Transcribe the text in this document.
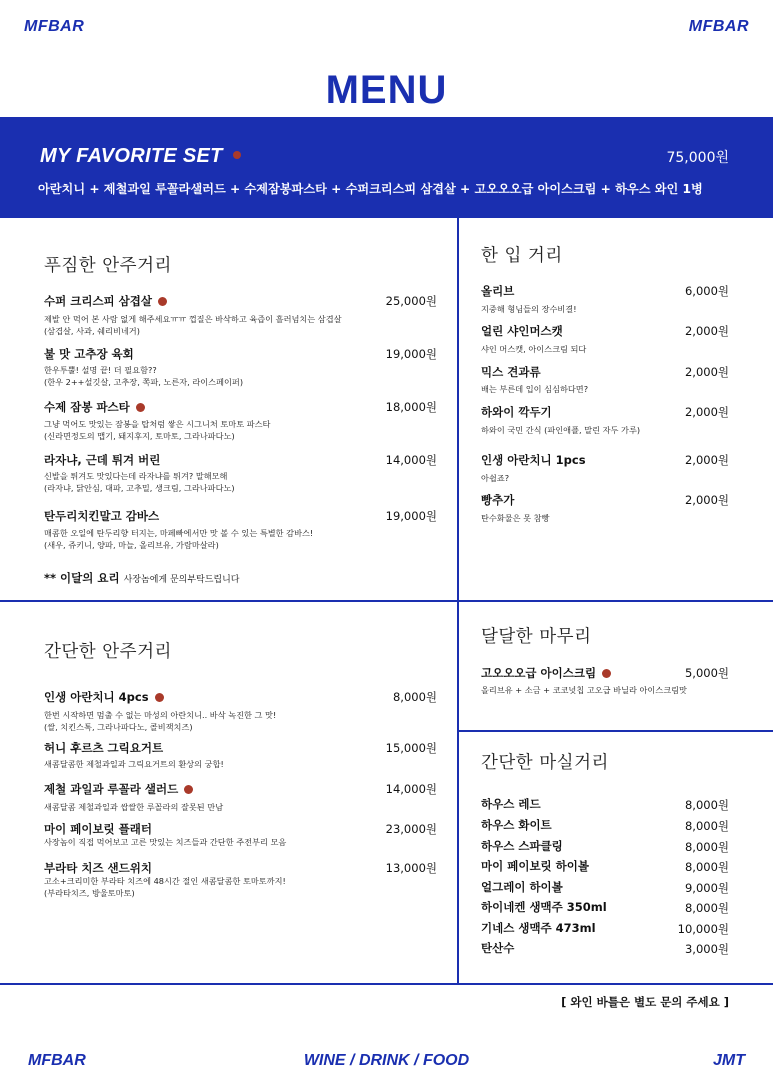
MFBAR	MFBAR
MENU
MY FAVORITE SET	75,000원
아란치니 + 제철과일 루꼴라샐러드 + 수제잠봉파스타 + 수퍼크리스피 삼겹살 + 고오오오급 아이스크림 + 하우스 와인 1병
푸짐한 안주거리
수퍼 크리스피 삼겹살	25,000원
제발 안 먹어 본 사람 없게 해주세요ㅠㅠ 껍질은 바삭하고 육즙이 흘러넘치는 삼겹살
(삼겹살, 사과, 쉐리비네거)
불 맛 고추장 육회	19,000원
한우투뿔! 설명 끝! 더 필요함??
(한우 2++설깃살, 고추장, 쪽파, 노른자, 라이스페이퍼)
수제 잠봉 파스타	18,000원
그냥 먹어도 맛있는 잠봉을 탑처럼 쌓은 시그니처 토마토 파스타
(신라면정도의 맵기, 돼지후지, 토마토, 그라나파다노)
라자냐, 근데 튀겨 버린	14,000원
신발을 튀겨도 맛있다는데 라자냐를 튀겨? 말해모해
(라자냐, 닭안심, 대파, 고추밀, 생크림, 그라나파다노)
탄두리치킨말고 감바스	19,000원
매콤한 오일에 탄두리향 터지는, 마페빠에서만 맛 볼 수 있는 특별한 감바스!
(새우, 쥬키니, 양파, 마늘, 올리브유, 가람마살라)
** 이달의 요리 사장놈에게 문의부탁드립니다
한 입 거리
올리브	6,000원
지중해 형님들의 장수비결!
얼린 샤인머스캣	2,000원
샤인 머스캣, 아이스크림 되다
믹스 견과류	2,000원
배는 부른데 입이 심심하다면?
하와이 깍두기	2,000원
하와이 국민 간식 (파인애플, 말린 자두 가루)
인생 아란치니 1pcs	2,000원
아쉽죠?
빵추가	2,000원
탄수화물은 못 참빵
간단한 안주거리
인생 아란치니 4pcs	8,000원
한번 시작하면 멈출 수 없는 마성의 아란치니.. 바삭 녹진한 그 맛!
(쌀, 치킨스톡, 그라나파다노, 콜비잭치즈)
허니 후르츠 그릭요거트	15,000원
새콤달콤한 제철과일과 그릭요거트의 환상의 궁합!
제철 과일과 루꼴라 샐러드	14,000원
새콤달콤 제철과일과 쌉쌀한 루꼴라의 잘못된 만남
마이 페이보릿 플래터	23,000원
사장놈이 직접 먹어보고 고른 맛있는 치즈들과 간단한 주전부리 모음
부라타 치즈 샌드위치	13,000원
고소+크리미한 부라타 치즈에 48시간 절인 새콤달콤한 토마토까지!
(부라타치즈, 방울토마토)
달달한 마무리
고오오오급 아이스크림	5,000원
올리브유 + 소금 + 코코넛칩 고오급 바닐라 아이스크림맛
간단한 마실거리
하우스 레드	8,000원
하우스 화이트	8,000원
하우스 스파클링	8,000원
마이 페이보릿 하이볼	8,000원
얼그레이 하이볼	9,000원
하이네켄 생맥주 350ml	8,000원
기네스 생맥주 473ml	10,000원
탄산수	3,000원
[ 와인 바틀은 별도 문의 주세요 ]
MFBAR	WINE / DRINK / FOOD	JMT
